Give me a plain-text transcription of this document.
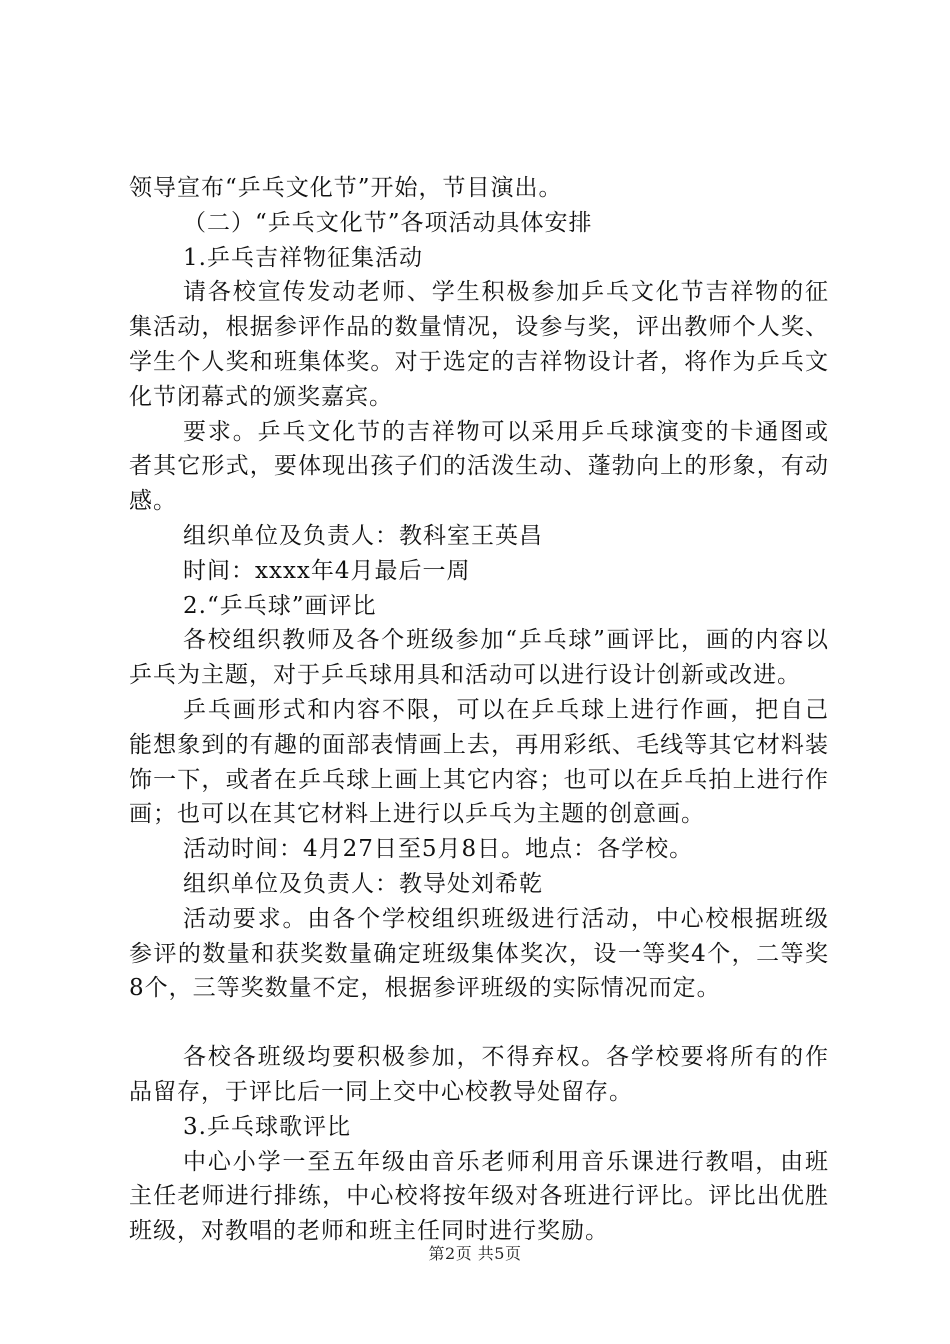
领导宣布“乒乓文化节”开始，节目演出。

（二）“乒乓文化节”各项活动具体安排

1.乒乓吉祥物征集活动

请各校宣传发动老师、学生积极参加乒乓文化节吉祥物的征集活动，根据参评作品的数量情况，设参与奖，评出教师个人奖、学生个人奖和班集体奖。对于选定的吉祥物设计者，将作为乒乓文化节闭幕式的颁奖嘉宾。

要求。乒乓文化节的吉祥物可以采用乒乓球演变的卡通图或者其它形式，要体现出孩子们的活泼生动、蓬勃向上的形象，有动感。

组织单位及负责人：教科室王英昌

时间：xxxx年4月最后一周

2.“乒乓球”画评比

各校组织教师及各个班级参加“乒乓球”画评比，画的内容以乒乓为主题，对于乒乓球用具和活动可以进行设计创新或改进。

乒乓画形式和内容不限，可以在乒乓球上进行作画，把自己能想象到的有趣的面部表情画上去，再用彩纸、毛线等其它材料装饰一下，或者在乒乓球上画上其它内容；也可以在乒乓拍上进行作画；也可以在其它材料上进行以乒乓为主题的创意画。

活动时间：4月27日至5月8日。地点：各学校。

组织单位及负责人：教导处刘希乾

活动要求。由各个学校组织班级进行活动，中心校根据班级参评的数量和获奖数量确定班级集体奖次，设一等奖4个，二等奖8个，三等奖数量不定，根据参评班级的实际情况而定。

各校各班级均要积极参加，不得弃权。各学校要将所有的作品留存，于评比后一同上交中心校教导处留存。

3.乒乓球歌评比

中心小学一至五年级由音乐老师利用音乐课进行教唱，由班主任老师进行排练，中心校将按年级对各班进行评比。评比出优胜班级，对教唱的老师和班主任同时进行奖励。

第2页 共5页
